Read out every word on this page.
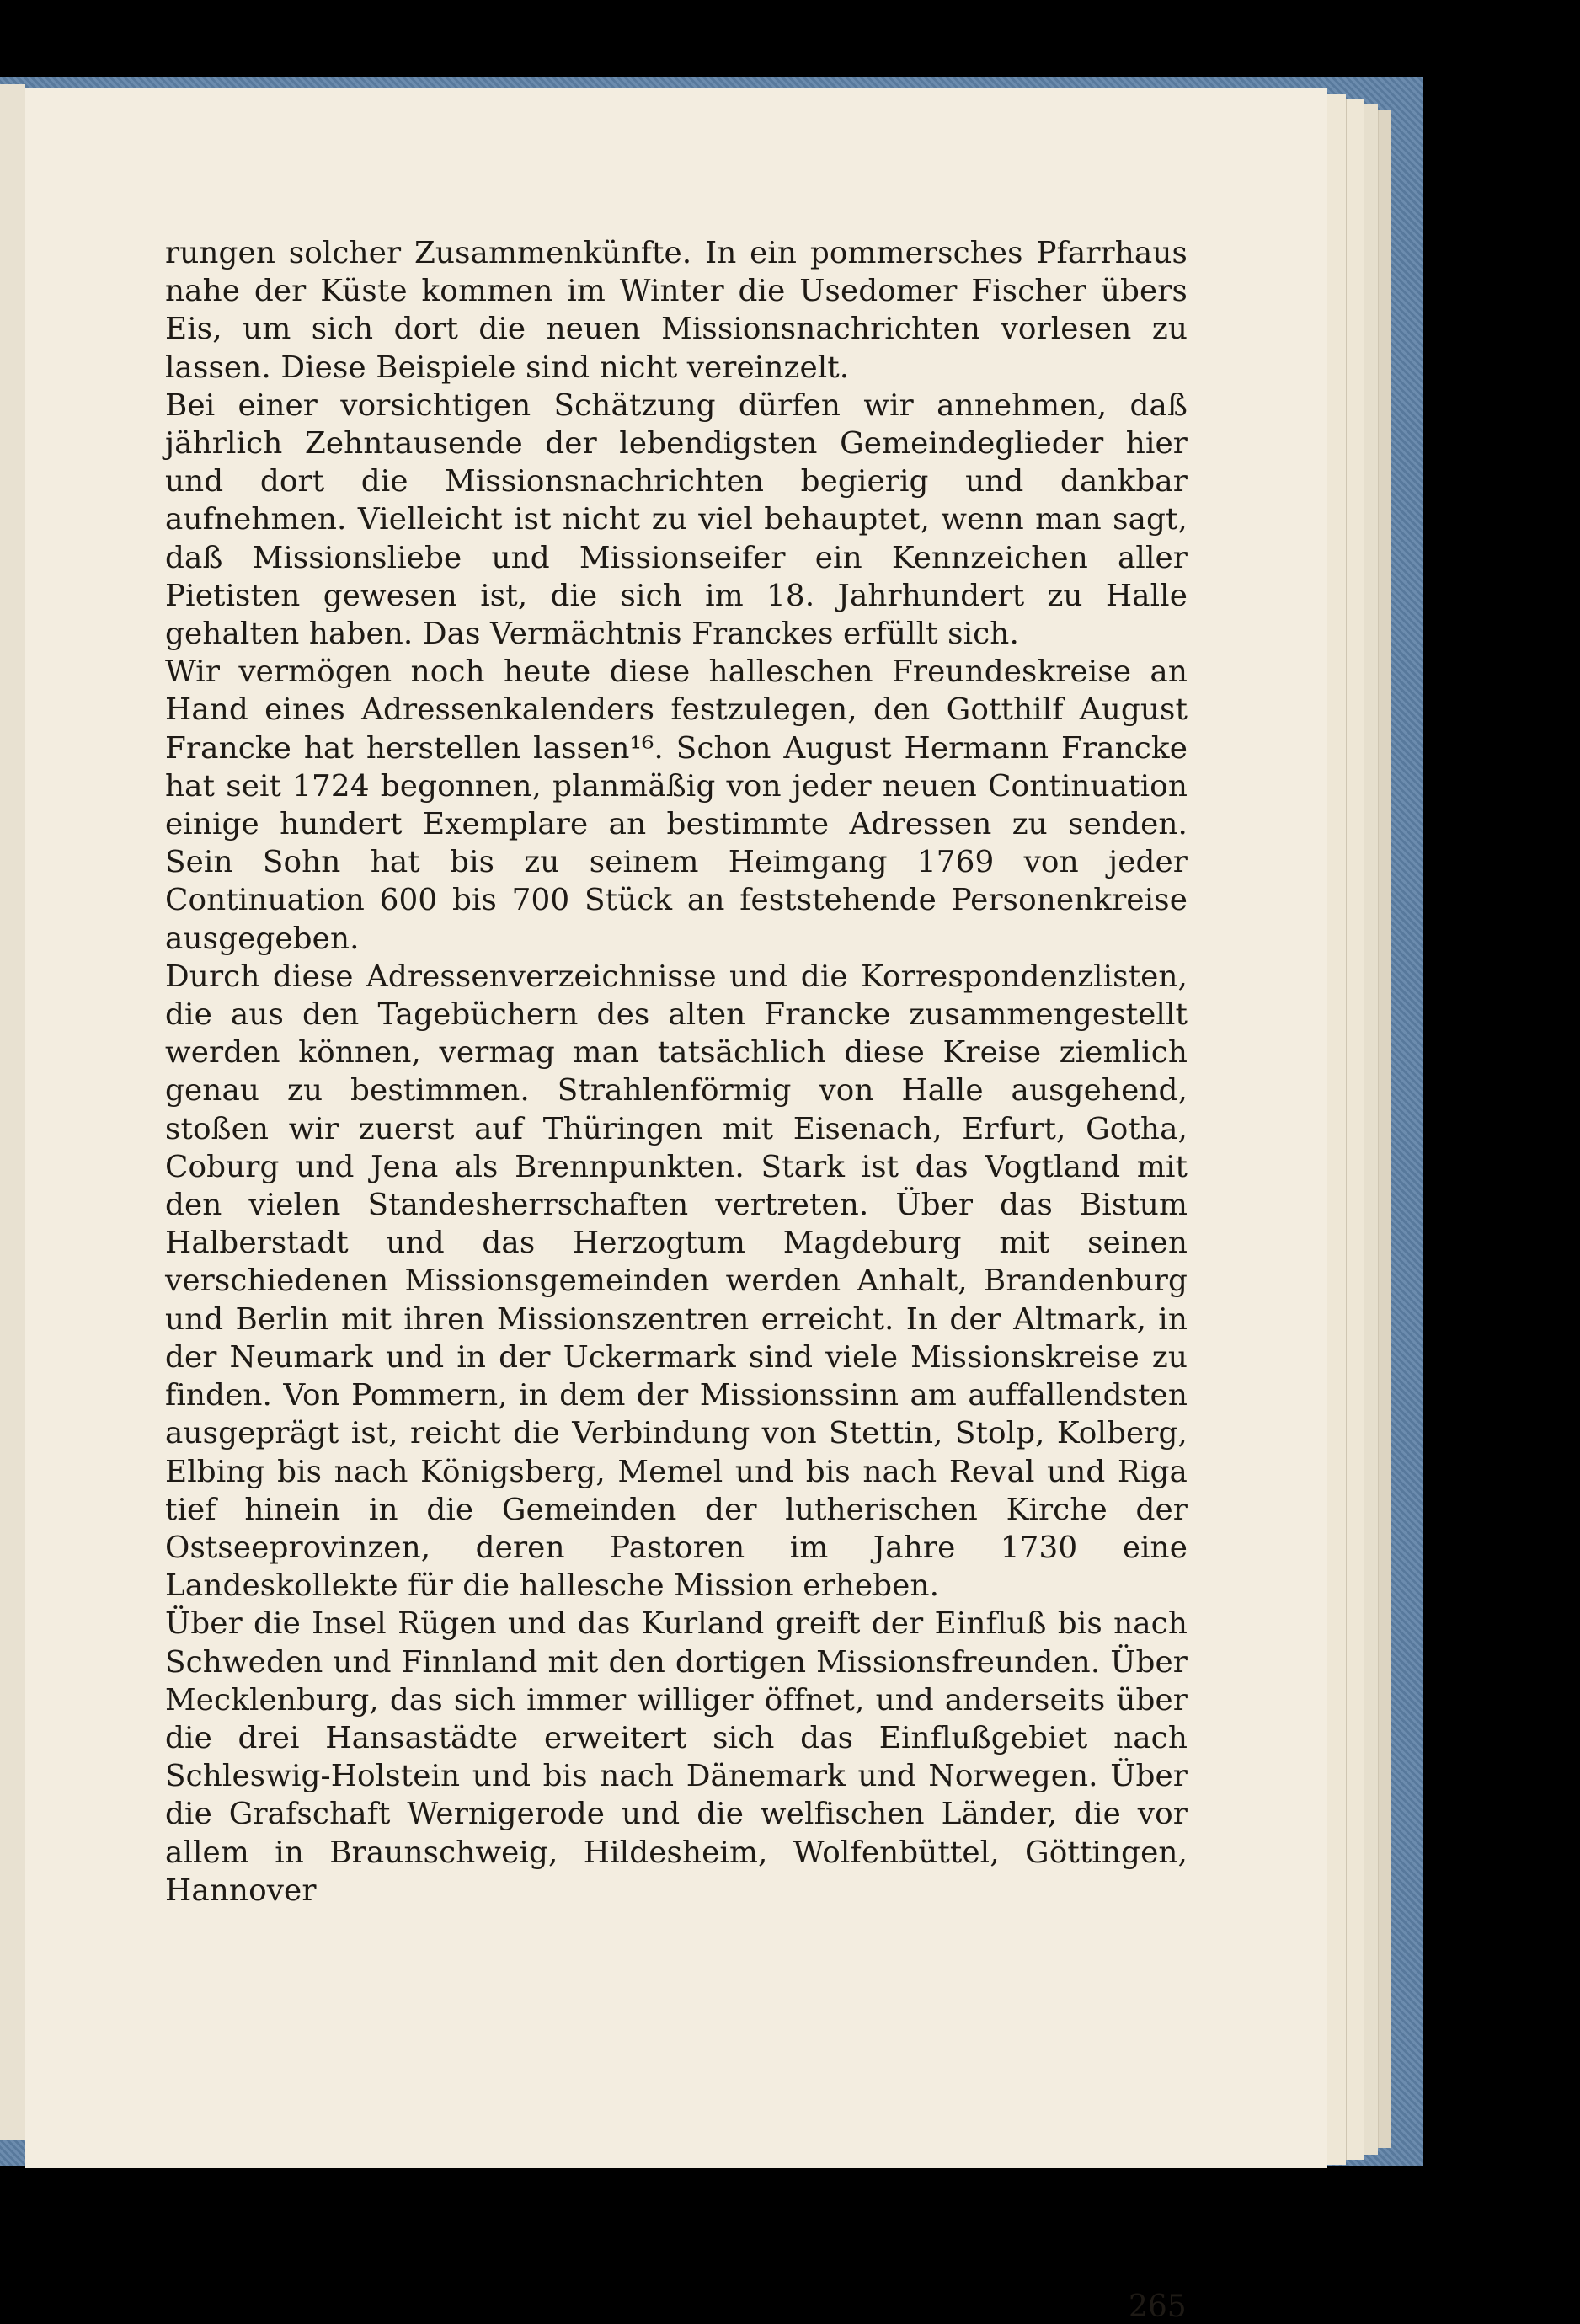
rungen solcher Zusammenkünfte. In ein pommersches Pfarrhaus nahe der Küste kommen im Winter die Usedomer Fischer übers Eis, um sich dort die neuen Missionsnachrichten vorlesen zu lassen. Diese Beispiele sind nicht vereinzelt.

Bei einer vorsichtigen Schätzung dürfen wir annehmen, daß jährlich Zehntausende der lebendigsten Gemeindeglieder hier und dort die Missionsnachrichten begierig und dankbar aufnehmen. Vielleicht ist nicht zu viel behauptet, wenn man sagt, daß Missionsliebe und Missionseifer ein Kennzeichen aller Pietisten gewesen ist, die sich im 18. Jahrhundert zu Halle gehalten haben. Das Vermächtnis Franckes erfüllt sich.

Wir vermögen noch heute diese halleschen Freundeskreise an Hand eines Adressenkalenders festzulegen, den Gotthilf August Francke hat herstellen lassen¹⁶. Schon August Hermann Francke hat seit 1724 begonnen, planmäßig von jeder neuen Continuation einige hundert Exemplare an bestimmte Adressen zu senden. Sein Sohn hat bis zu seinem Heimgang 1769 von jeder Continuation 600 bis 700 Stück an feststehende Personenkreise ausgegeben.

Durch diese Adressenverzeichnisse und die Korrespondenzlisten, die aus den Tagebüchern des alten Francke zusammengestellt werden können, vermag man tatsächlich diese Kreise ziemlich genau zu bestimmen. Strahlenförmig von Halle ausgehend, stoßen wir zuerst auf Thüringen mit Eisenach, Erfurt, Gotha, Coburg und Jena als Brennpunkten. Stark ist das Vogtland mit den vielen Standesherrschaften vertreten. Über das Bistum Halberstadt und das Herzogtum Magdeburg mit seinen verschiedenen Missionsgemeinden werden Anhalt, Brandenburg und Berlin mit ihren Missionszentren erreicht. In der Altmark, in der Neumark und in der Uckermark sind viele Missionskreise zu finden. Von Pommern, in dem der Missionssinn am auffallendsten ausgeprägt ist, reicht die Verbindung von Stettin, Stolp, Kolberg, Elbing bis nach Königsberg, Memel und bis nach Reval und Riga tief hinein in die Gemeinden der lutherischen Kirche der Ostseeprovinzen, deren Pastoren im Jahre 1730 eine Landeskollekte für die hallesche Mission erheben.

Über die Insel Rügen und das Kurland greift der Einfluß bis nach Schweden und Finnland mit den dortigen Missionsfreunden. Über Mecklenburg, das sich immer williger öffnet, und anderseits über die drei Hansastädte erweitert sich das Einflußgebiet nach Schleswig-Holstein und bis nach Dänemark und Norwegen. Über die Grafschaft Wernigerode und die welfischen Länder, die vor allem in Braunschweig, Hildesheim, Wolfenbüttel, Göttingen, Hannover

265
